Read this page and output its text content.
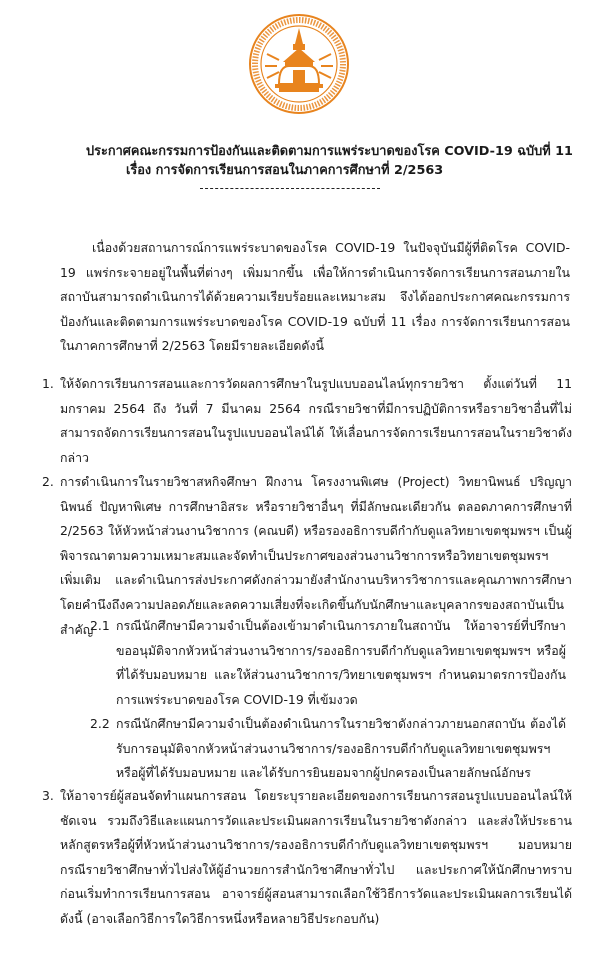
ประกาศคณะกรรมการป้องกันและติดตามการแพร่ระบาดของโรค COVID-19 ฉบับที่ 11

เรื่อง การจัดการเรียนการสอนในภาคการศึกษาที่ 2/2563

เนื่องด้วยสถานการณ์การแพร่ระบาดของโรค COVID-19 ในปัจจุบันมีผู้ที่ติดโรค COVID-19 แพร่กระจายอยู่ในพื้นที่ต่างๆ เพิ่มมากขึ้น เพื่อให้การดำเนินการจัดการเรียนการสอนภายในสถาบันสามารถดำเนินการได้ด้วยความเรียบร้อยและเหมาะสม จึงได้ออกประกาศคณะกรรมการป้องกันและติดตามการแพร่ระบาดของโรค COVID-19 ฉบับที่ 11 เรื่อง การจัดการเรียนการสอนในภาคการศึกษาที่ 2/2563 โดยมีรายละเอียดดังนี้

1. ให้จัดการเรียนการสอนและการวัดผลการศึกษาในรูปแบบออนไลน์ทุกรายวิชา ตั้งแต่วันที่ 11 มกราคม 2564 ถึง วันที่ 7 มีนาคม 2564 กรณีรายวิชาที่มีการปฏิบัติการหรือรายวิชาอื่นที่ไม่สามารถจัดการเรียนการสอนในรูปแบบออนไลน์ได้ ให้เลื่อนการจัดการเรียนการสอนในรายวิชาดังกล่าว

2. การดำเนินการในรายวิชาสหกิจศึกษา ฝึกงาน โครงงานพิเศษ (Project) วิทยานิพนธ์ ปริญญานิพนธ์ ปัญหาพิเศษ การศึกษาอิสระ หรือรายวิชาอื่นๆ ที่มีลักษณะเดียวกัน ตลอดภาคการศึกษาที่ 2/2563 ให้หัวหน้าส่วนงานวิชาการ (คณบดี) หรือรองอธิการบดีกำกับดูแลวิทยาเขตชุมพรฯ เป็นผู้พิจารณาตามความเหมาะสมและจัดทำเป็นประกาศของส่วนงานวิชาการหรือวิทยาเขตชุมพรฯ เพิ่มเติม และดำเนินการส่งประกาศดังกล่าวมายังสำนักงานบริหารวิชาการและคุณภาพการศึกษา โดยคำนึงถึงความปลอดภัยและลดความเสี่ยงที่จะเกิดขึ้นกับนักศึกษาและบุคลากรของสถาบันเป็นสำคัญ

2.1 กรณีนักศึกษามีความจำเป็นต้องเข้ามาดำเนินการภายในสถาบัน ให้อาจารย์ที่ปรึกษาขออนุมัติจากหัวหน้าส่วนงานวิชาการ/รองอธิการบดีกำกับดูแลวิทยาเขตชุมพรฯ หรือผู้ที่ได้รับมอบหมาย และให้ส่วนงานวิชาการ/วิทยาเขตชุมพรฯ กำหนดมาตรการป้องกันการแพร่ระบาดของโรค COVID-19 ที่เข้มงวด

2.2 กรณีนักศึกษามีความจำเป็นต้องดำเนินการในรายวิชาดังกล่าวภายนอกสถาบัน ต้องได้รับการอนุมัติจากหัวหน้าส่วนงานวิชาการ/รองอธิการบดีกำกับดูแลวิทยาเขตชุมพรฯ หรือผู้ที่ได้รับมอบหมาย และได้รับการยินยอมจากผู้ปกครองเป็นลายลักษณ์อักษร

3. ให้อาจารย์ผู้สอนจัดทำแผนการสอน โดยระบุรายละเอียดของการเรียนการสอนรูปแบบออนไลน์ให้ชัดเจน รวมถึงวิธีและแผนการวัดและประเมินผลการเรียนในรายวิชาดังกล่าว และส่งให้ประธานหลักสูตรหรือผู้ที่หัวหน้าส่วนงานวิชาการ/รองอธิการบดีกำกับดูแลวิทยาเขตชุมพรฯ มอบหมาย กรณีรายวิชาศึกษาทั่วไปส่งให้ผู้อำนวยการสำนักวิชาศึกษาทั่วไป และประกาศให้นักศึกษาทราบก่อนเริ่มทำการเรียนการสอน อาจารย์ผู้สอนสามารถเลือกใช้วิธีการวัดและประเมินผลการเรียนได้ดังนี้ (อาจเลือกวิธีการใดวิธีการหนึ่งหรือหลายวิธีประกอบกัน)
